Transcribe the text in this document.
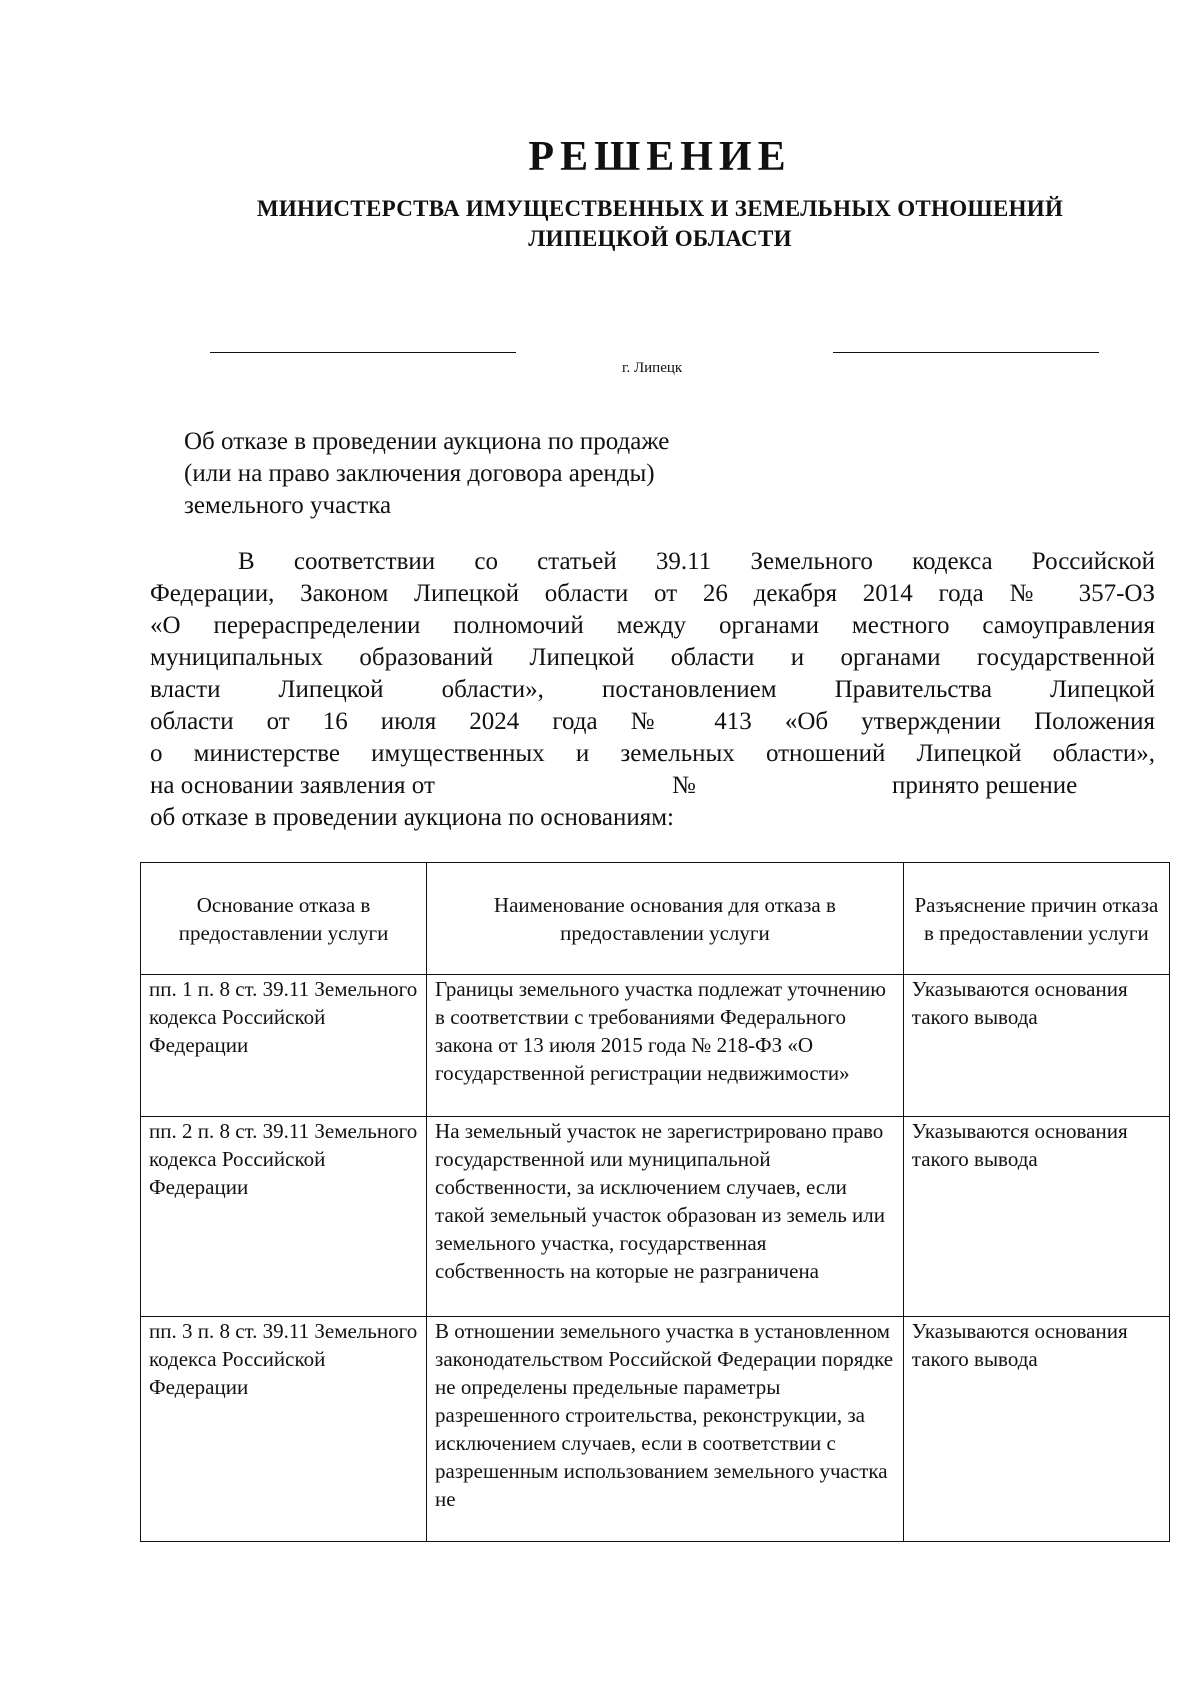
РЕШЕНИЕ
МИНИСТЕРСТВА ИМУЩЕСТВЕННЫХ И ЗЕМЕЛЬНЫХ ОТНОШЕНИЙ
ЛИПЕЦКОЙ ОБЛАСТИ
г. Липецк
Об отказе в проведении аукциона по продаже
(или на право заключения договора аренды)
земельного участка
В соответствии со статьей 39.11 Земельного кодекса Российской
Федерации, Законом Липецкой области от 26 декабря 2014 года № 357-ОЗ
«О перераспределении полномочий между органами местного самоуправления
муниципальных образований Липецкой области и органами государственной
власти Липецкой области», постановлением Правительства Липецкой
области от 16 июля 2024 года № 413 «Об утверждении Положения
о министерстве имущественных и земельных отношений Липецкой области»,
на основании заявления от	№	принято решение
об отказе в проведении аукциона по основаниям:
Основание отказа в предоставлении услуги	Наименование основания для отказа в предоставлении услуги	Разъяснение причин отказа в предоставлении услуги
пп. 1 п. 8 ст. 39.11 Земельного кодекса Российской Федерации	Границы земельного участка подлежат уточнению в соответствии с требованиями Федерального закона от 13 июля 2015 года № 218-ФЗ «О государственной регистрации недвижимости»	Указываются основания такого вывода
пп. 2 п. 8 ст. 39.11 Земельного кодекса Российской Федерации	На земельный участок не зарегистрировано право государственной или муниципальной собственности, за исключением случаев, если такой земельный участок образован из земель или земельного участка, государственная собственность на которые не разграничена	Указываются основания такого вывода
пп. 3 п. 8 ст. 39.11 Земельного кодекса Российской Федерации	В отношении земельного участка в установленном законодательством Российской Федерации порядке не определены предельные параметры разрешенного строительства, реконструкции, за исключением случаев, если в соответствии с разрешенным использованием земельного участка не	Указываются основания такого вывода
